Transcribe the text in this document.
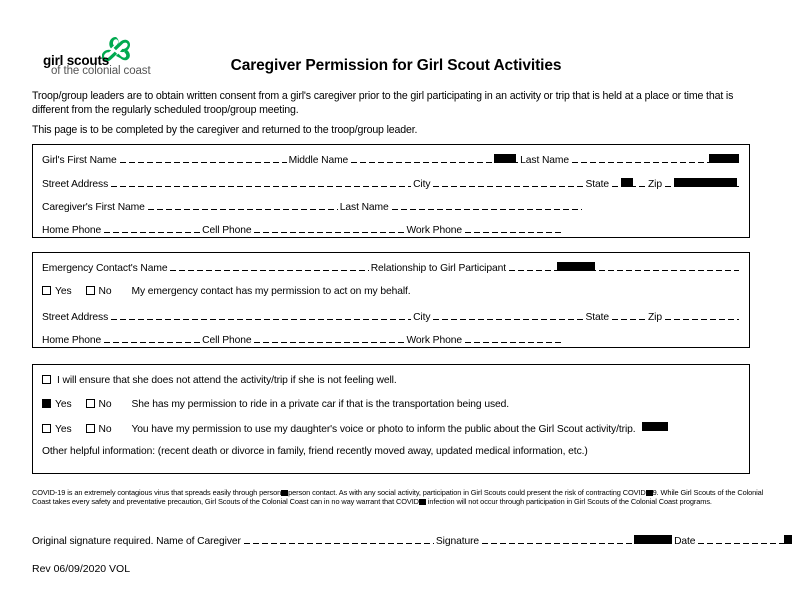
girl scouts
of the colonial coast	Caregiver Permission for Girl Scout Activities
Troop/group leaders are to obtain written consent from a girl's caregiver prior to the girl participating in an activity or trip that is held at a place or time that is different from the regularly scheduled troop/group meeting.
This page is to be completed by the caregiver and returned to the troop/group leader.
Girl's First Name	Middle Name	Last Name
Street Address	City	State	Zip
Caregiver's First Name	Last Name
Home Phone	Cell Phone	Work Phone
Emergency Contact's Name	Relationship to Girl Participant
Yes	No My emergency contact has my permission to act on my behalf.
Street Address	City	State	Zip
Home Phone	Cell Phone	Work Phone
I will ensure that she does not attend the activity/trip if she is not feeling well.
Yes	No She has my permission to ride in a private car if that is the transportation being used.
Yes	No You have my permission to use my daughter's voice or photo to inform the public about the Girl Scout activity/trip.
Other helpful information: (recent death or divorce in family, friend recently moved away, updated medical information, etc.)
COVID-19 is an extremely contagious virus that spreads easily through person person contact. As with any social activity, participation in Girl Scouts could present the risk of contracting COVID 9. While Girl Scouts of the Colonial Coast takes every safety and preventative precaution, Girl Scouts of the Colonial Coast can in no way warrant that COVID infection will not occur through participation in Girl Scouts of the Colonial Coast programs.
Original signature required. Name of Caregiver	Signature	Date
Rev 06/09/2020 VOL
